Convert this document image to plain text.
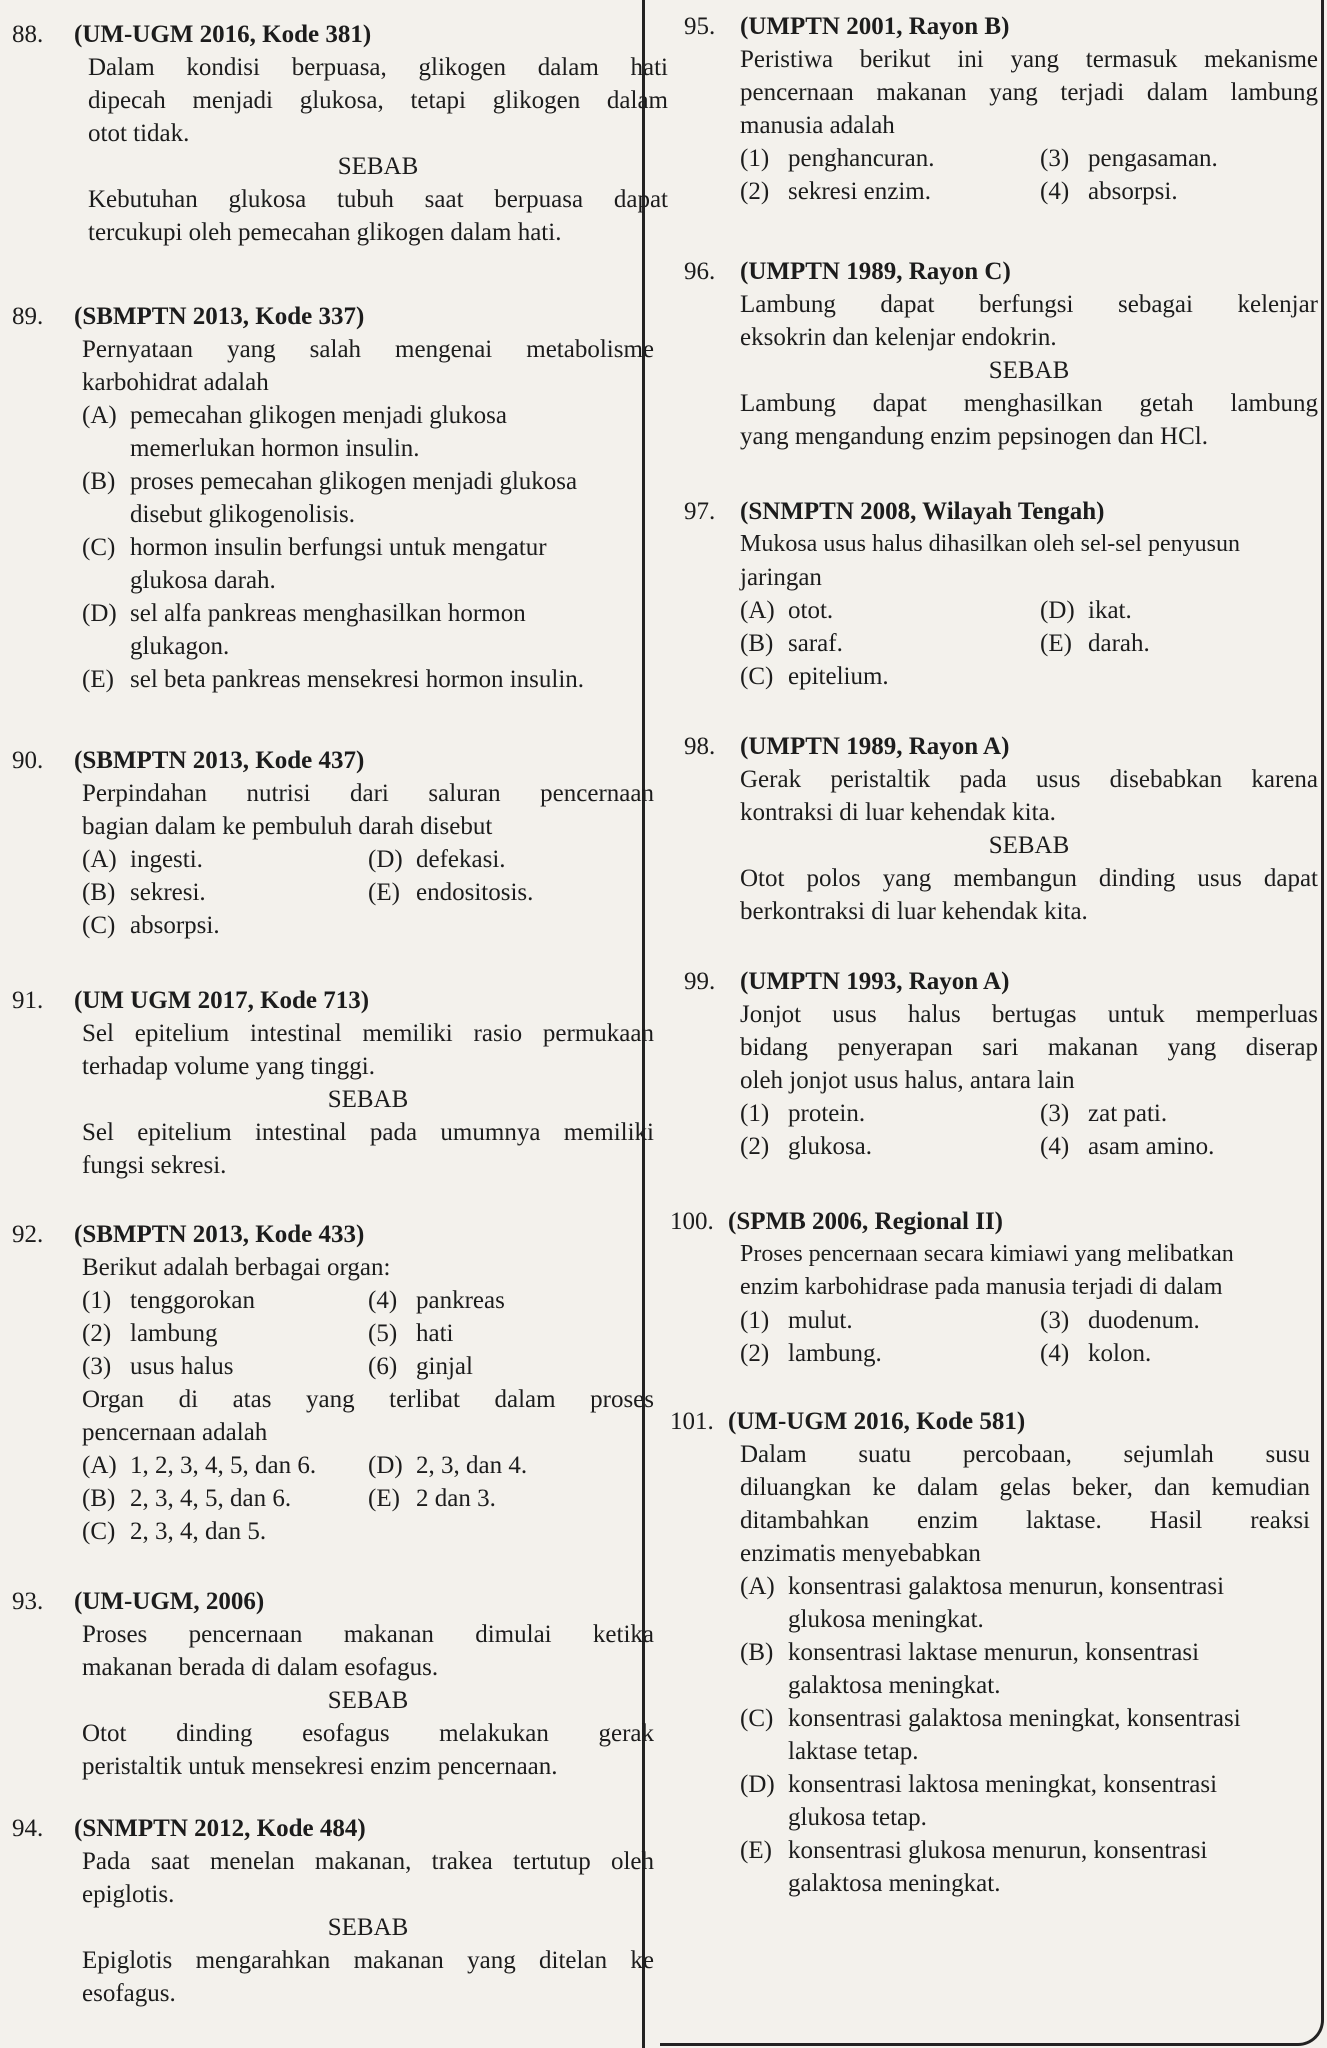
88. (UM-UGM 2016, Kode 381)
Dalam kondisi berpuasa, glikogen dalam hati
dipecah menjadi glukosa, tetapi glikogen dalam
otot tidak.
SEBAB
Kebutuhan glukosa tubuh saat berpuasa dapat
tercukupi oleh pemecahan glikogen dalam hati.
89. (SBMPTN 2013, Kode 337)
Pernyataan yang salah mengenai metabolisme
karbohidrat adalah
(A) pemecahan glikogen menjadi glukosa
memerlukan hormon insulin.
(B) proses pemecahan glikogen menjadi glukosa
disebut glikogenolisis.
(C) hormon insulin berfungsi untuk mengatur
glukosa darah.
(D) sel alfa pankreas menghasilkan hormon
glukagon.
(E) sel beta pankreas mensekresi hormon insulin.
90. (SBMPTN 2013, Kode 437)
Perpindahan nutrisi dari saluran pencernaan
bagian dalam ke pembuluh darah disebut
(A) ingesti.	(D) defekasi.
(B) sekresi.	(E) endositosis.
(C) absorpsi.
91. (UM UGM 2017, Kode 713)
Sel epitelium intestinal memiliki rasio permukaan
terhadap volume yang tinggi.
SEBAB
Sel epitelium intestinal pada umumnya memiliki
fungsi sekresi.
92. (SBMPTN 2013, Kode 433)
Berikut adalah berbagai organ:
(1) tenggorokan	(4) pankreas
(2) lambung	(5) hati
(3) usus halus	(6) ginjal
Organ di atas yang terlibat dalam proses
pencernaan adalah
(A) 1, 2, 3, 4, 5, dan 6.	(D) 2, 3, dan 4.
(B) 2, 3, 4, 5, dan 6.	(E) 2 dan 3.
(C) 2, 3, 4, dan 5.
93. (UM-UGM, 2006)
Proses pencernaan makanan dimulai ketika
makanan berada di dalam esofagus.
SEBAB
Otot dinding esofagus melakukan gerak
peristaltik untuk mensekresi enzim pencernaan.
94. (SNMPTN 2012, Kode 484)
Pada saat menelan makanan, trakea tertutup oleh
epiglotis.
SEBAB
Epiglotis mengarahkan makanan yang ditelan ke
esofagus.
95. (UMPTN 2001, Rayon B)
Peristiwa berikut ini yang termasuk mekanisme
pencernaan makanan yang terjadi dalam lambung
manusia adalah
(1) penghancuran.	(3) pengasaman.
(2) sekresi enzim.	(4) absorpsi.
96. (UMPTN 1989, Rayon C)
Lambung dapat berfungsi sebagai kelenjar
eksokrin dan kelenjar endokrin.
SEBAB
Lambung dapat menghasilkan getah lambung
yang mengandung enzim pepsinogen dan HCl.
97. (SNMPTN 2008, Wilayah Tengah)
Mukosa usus halus dihasilkan oleh sel-sel penyusun
jaringan
(A) otot.	(D) ikat.
(B) saraf.	(E) darah.
(C) epitelium.
98. (UMPTN 1989, Rayon A)
Gerak peristaltik pada usus disebabkan karena
kontraksi di luar kehendak kita.
SEBAB
Otot polos yang membangun dinding usus dapat
berkontraksi di luar kehendak kita.
99. (UMPTN 1993, Rayon A)
Jonjot usus halus bertugas untuk memperluas
bidang penyerapan sari makanan yang diserap
oleh jonjot usus halus, antara lain
(1) protein.	(3) zat pati.
(2) glukosa.	(4) asam amino.
100. (SPMB 2006, Regional II)
Proses pencernaan secara kimiawi yang melibatkan
enzim karbohidrase pada manusia terjadi di dalam
(1) mulut.	(3) duodenum.
(2) lambung.	(4) kolon.
101. (UM-UGM 2016, Kode 581)
Dalam suatu percobaan, sejumlah susu
diluangkan ke dalam gelas beker, dan kemudian
ditambahkan enzim laktase. Hasil reaksi
enzimatis menyebabkan
(A) konsentrasi galaktosa menurun, konsentrasi
glukosa meningkat.
(B) konsentrasi laktase menurun, konsentrasi
galaktosa meningkat.
(C) konsentrasi galaktosa meningkat, konsentrasi
laktase tetap.
(D) konsentrasi laktosa meningkat, konsentrasi
glukosa tetap.
(E) konsentrasi glukosa menurun, konsentrasi
galaktosa meningkat.
